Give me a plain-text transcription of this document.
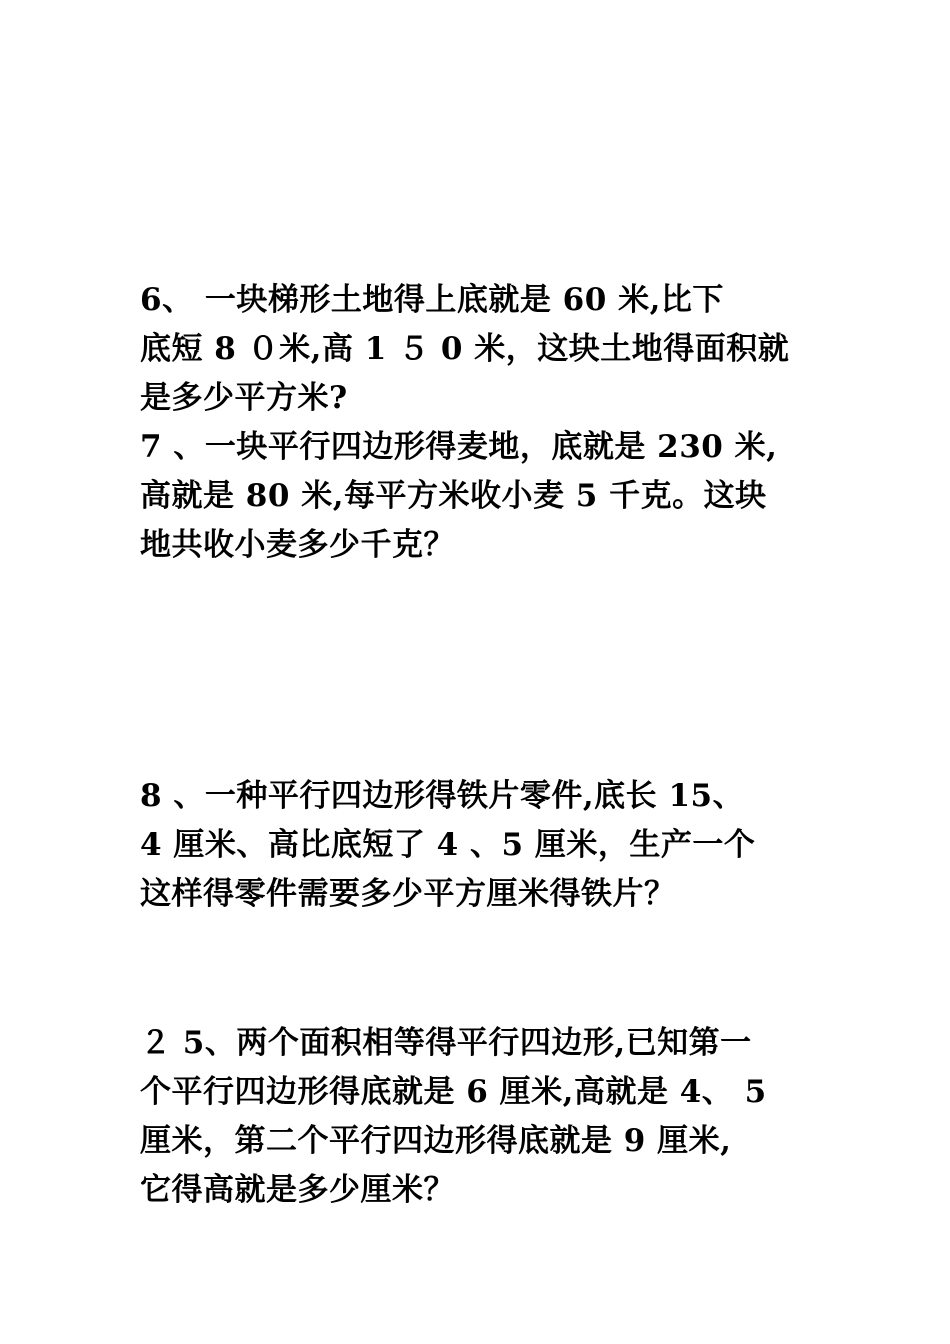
6、 一块梯形土地得上底就是 60 米,比下
底短 8 ０米,高 1 ５ 0 米，这块土地得面积就
是多少平方米?
7 、一块平行四边形得麦地，底就是 230 米,
高就是 80 米,每平方米收小麦 5 千克。这块
地共收小麦多少千克？
8 、一种平行四边形得铁片零件,底长 15、
4 厘米、高比底短了 4 、5 厘米，生产一个
这样得零件需要多少平方厘米得铁片？
２ 5、两个面积相等得平行四边形,已知第一
个平行四边形得底就是 6 厘米,高就是 4、 5
厘米，第二个平行四边形得底就是 9 厘米,
它得高就是多少厘米？
